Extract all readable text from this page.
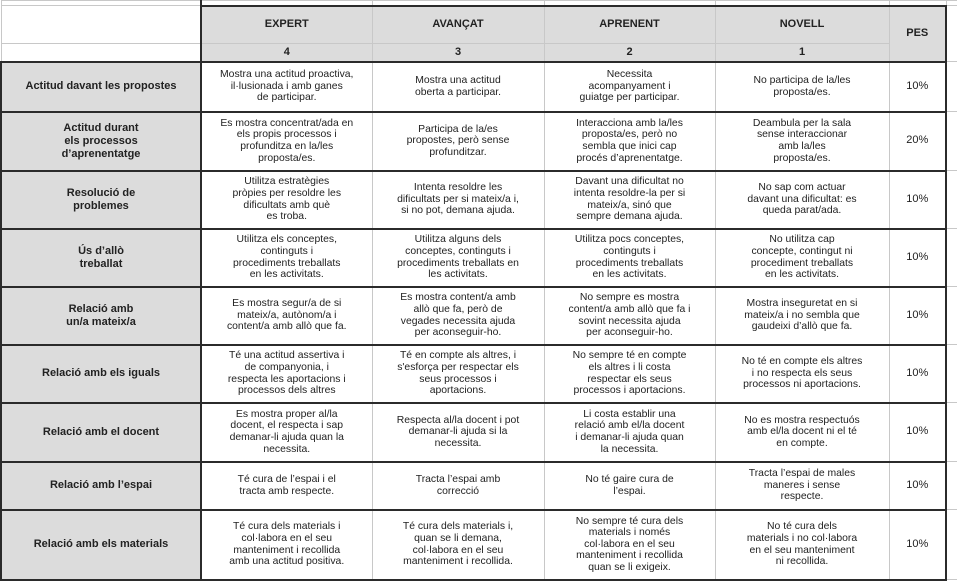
	EXPERT	AVANÇAT	APRENENT	NOVELL	PES	
	4	3	2	1		
Actitud davant les propostes	Mostra una actitud proactiva,
il·lusionada i amb ganes
de participar.	Mostra una actitud
oberta a participar.	Necessita
acompanyament i
guiatge per participar.	No participa de la/les
proposta/es.	10%	
Actitud durant
els processos
d’aprenentatge	Es mostra concentrat/ada en
els propis processos i
profunditza en la/les
proposta/es.	Participa de la/es
propostes, però sense
profunditzar.	Interacciona amb la/les
proposta/es, però no
sembla que inici cap
procés d’aprenentatge.	Deambula per la sala
sense interaccionar
amb la/les
proposta/es.	20%	
Resolució de
problemes	Utilitza estratègies
pròpies per resoldre les
dificultats amb què
es troba.	Intenta resoldre les
dificultats per si mateix/a i,
si no pot, demana ajuda.	Davant una dificultat no
intenta resoldre-la per si
mateix/a, sinó que
sempre demana ajuda.	No sap com actuar
davant una dificultat: es
queda parat/ada.	10%	
Ús d’allò
treballat	Utilitza els conceptes,
continguts i
procediments treballats
en les activitats.	Utilitza alguns dels
conceptes, continguts i
procediments treballats en
les activitats.	Utilitza pocs conceptes,
continguts i
procediments treballats
en les activitats.	No utilitza cap
concepte, contingut ni
procediment treballats
en les activitats.	10%	
Relació amb
un/a mateix/a	Es mostra segur/a de si
mateix/a, autònom/a i
content/a amb allò que fa.	Es mostra content/a amb
allò que fa, però de
vegades necessita ajuda
per aconseguir-ho.	No sempre es mostra
content/a amb allò que fa i
sovint necessita ajuda
per aconseguir-ho.	Mostra inseguretat en si
mateix/a i no sembla que
gaudeixi d’allò que fa.	10%	
Relació amb els iguals	Té una actitud assertiva i
de companyonia, i
respecta les aportacions i
processos dels altres	Té en compte als altres, i
s'esforça per respectar els
seus processos i
aportacions.	No sempre té en compte
els altres i li costa
respectar els seus
processos i aportacions.	No té en compte els altres
i no respecta els seus
processos ni aportacions.	10%	
Relació amb el docent	Es mostra proper al/la
docent, el respecta i sap
demanar-li ajuda quan la
necessita.	Respecta al/la docent i pot
demanar-li ajuda si la
necessita.	Li costa establir una
relació amb el/la docent
i demanar-li ajuda quan
la necessita.	No es mostra respectuós
amb el/la docent ni el té
en compte.	10%	
Relació amb l’espai	Té cura de l’espai i el
tracta amb respecte.	Tracta l’espai amb
correcció	No té gaire cura de
l’espai.	Tracta l’espai de males
maneres i sense
respecte.	10%	
Relació amb els materials	Té cura dels materials i
col·labora en el seu
manteniment i recollida
amb una actitud positiva.	Té cura dels materials i,
quan se li demana,
col·labora en el seu
manteniment i recollida.	No sempre té cura dels
materials i només
col·labora en el seu
manteniment i recollida
quan se li exigeix.	No té cura dels
materials i no col·labora
en el seu manteniment
ni recollida.	10%	
